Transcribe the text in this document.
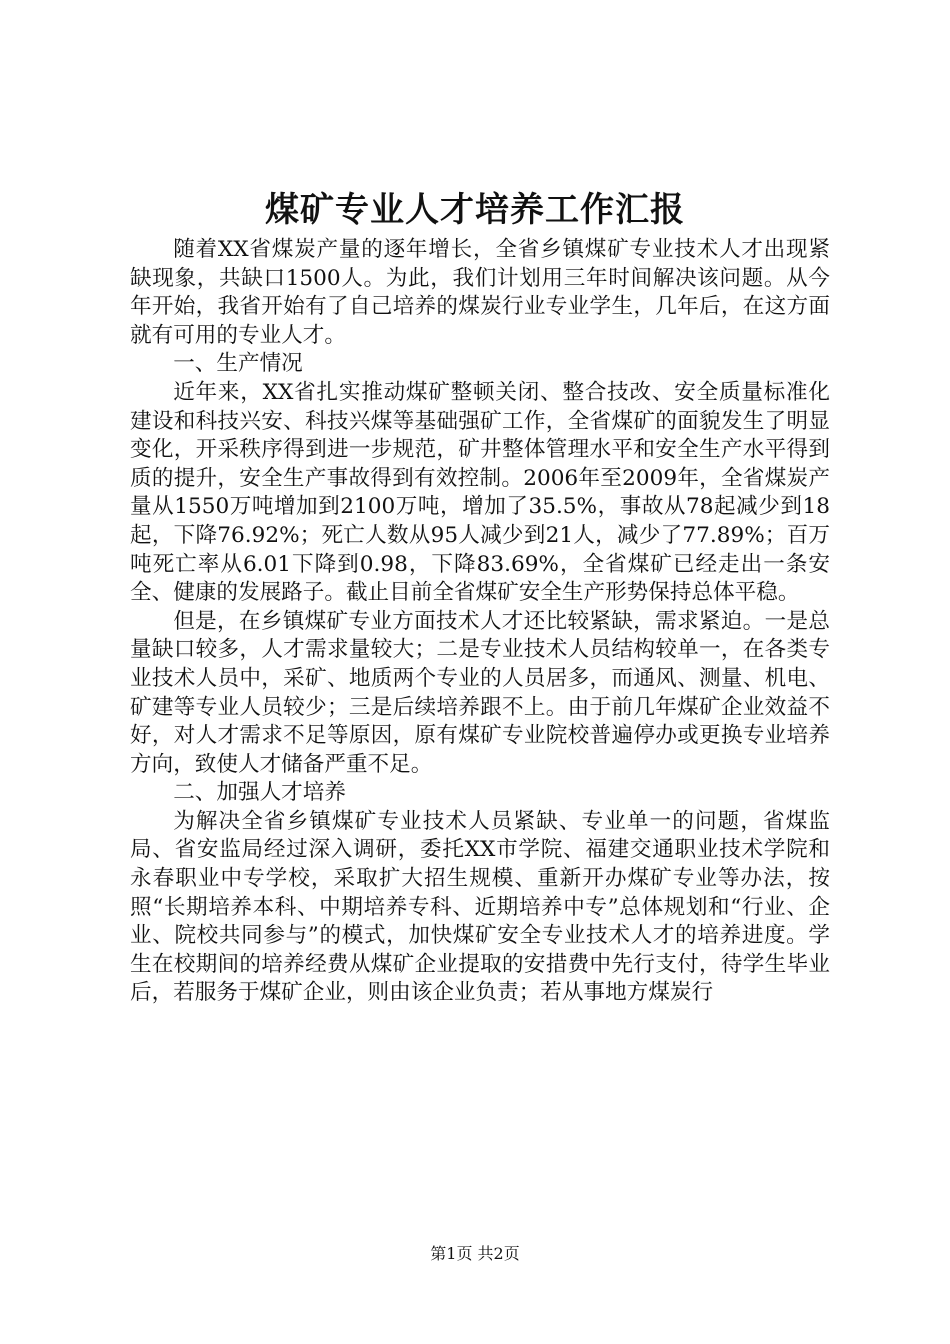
煤矿专业人才培养工作汇报

随着XX省煤炭产量的逐年增长，全省乡镇煤矿专业技术人才出现紧缺现象，共缺口1500人。为此，我们计划用三年时间解决该问题。从今年开始，我省开始有了自己培养的煤炭行业专业学生，几年后，在这方面就有可用的专业人才。

一、生产情况

近年来，XX省扎实推动煤矿整顿关闭、整合技改、安全质量标准化建设和科技兴安、科技兴煤等基础强矿工作，全省煤矿的面貌发生了明显变化，开采秩序得到进一步规范，矿井整体管理水平和安全生产水平得到质的提升，安全生产事故得到有效控制。2006年至2009年，全省煤炭产量从1550万吨增加到2100万吨，增加了35.5%，事故从78起减少到18起，下降76.92%；死亡人数从95人减少到21人，减少了77.89%；百万吨死亡率从6.01下降到0.98，下降83.69%，全省煤矿已经走出一条安全、健康的发展路子。截止目前全省煤矿安全生产形势保持总体平稳。

但是，在乡镇煤矿专业方面技术人才还比较紧缺，需求紧迫。一是总量缺口较多，人才需求量较大；二是专业技术人员结构较单一，在各类专业技术人员中，采矿、地质两个专业的人员居多，而通风、测量、机电、矿建等专业人员较少；三是后续培养跟不上。由于前几年煤矿企业效益不好，对人才需求不足等原因，原有煤矿专业院校普遍停办或更换专业培养方向，致使人才储备严重不足。

二、加强人才培养

为解决全省乡镇煤矿专业技术人员紧缺、专业单一的问题，省煤监局、省安监局经过深入调研，委托XX市学院、福建交通职业技术学院和永春职业中专学校，采取扩大招生规模、重新开办煤矿专业等办法，按照“长期培养本科、中期培养专科、近期培养中专”总体规划和“行业、企业、院校共同参与”的模式，加快煤矿安全专业技术人才的培养进度。学生在校期间的培养经费从煤矿企业提取的安措费中先行支付，待学生毕业后，若服务于煤矿企业，则由该企业负责；若从事地方煤炭行

第1页 共2页
